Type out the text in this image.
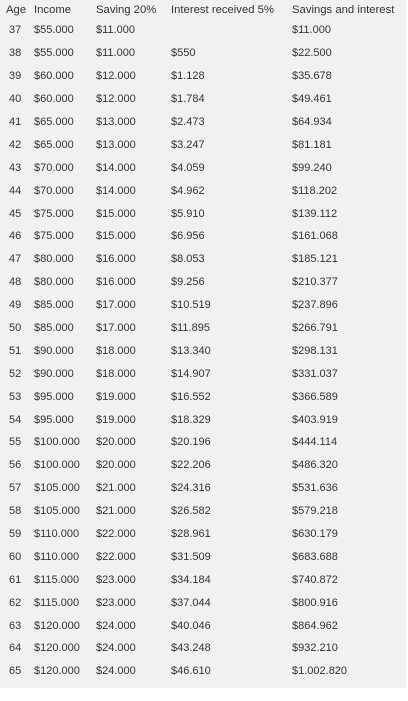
Age	Income	Saving 20%	Interest received 5%	Savings and interest
37	$55.000	$11.000		$11.000
38	$55.000	$11.000	$550	$22.500
39	$60.000	$12.000	$1.128	$35.678
40	$60.000	$12.000	$1.784	$49.461
41	$65.000	$13.000	$2.473	$64.934
42	$65.000	$13.000	$3.247	$81.181
43	$70.000	$14.000	$4.059	$99.240
44	$70.000	$14.000	$4.962	$118.202
45	$75.000	$15.000	$5.910	$139.112
46	$75.000	$15.000	$6.956	$161.068
47	$80.000	$16.000	$8.053	$185.121
48	$80.000	$16.000	$9.256	$210.377
49	$85.000	$17.000	$10.519	$237.896
50	$85.000	$17.000	$11.895	$266.791
51	$90.000	$18.000	$13.340	$298.131
52	$90.000	$18.000	$14.907	$331.037
53	$95.000	$19.000	$16.552	$366.589
54	$95.000	$19.000	$18.329	$403.919
55	$100.000	$20.000	$20.196	$444.114
56	$100.000	$20.000	$22.206	$486.320
57	$105.000	$21.000	$24.316	$531.636
58	$105.000	$21.000	$26.582	$579.218
59	$110.000	$22.000	$28.961	$630.179
60	$110.000	$22.000	$31.509	$683.688
61	$115.000	$23.000	$34.184	$740.872
62	$115.000	$23.000	$37.044	$800.916
63	$120.000	$24.000	$40.046	$864.962
64	$120.000	$24.000	$43.248	$932.210
65	$120.000	$24.000	$46.610	$1.002.820
